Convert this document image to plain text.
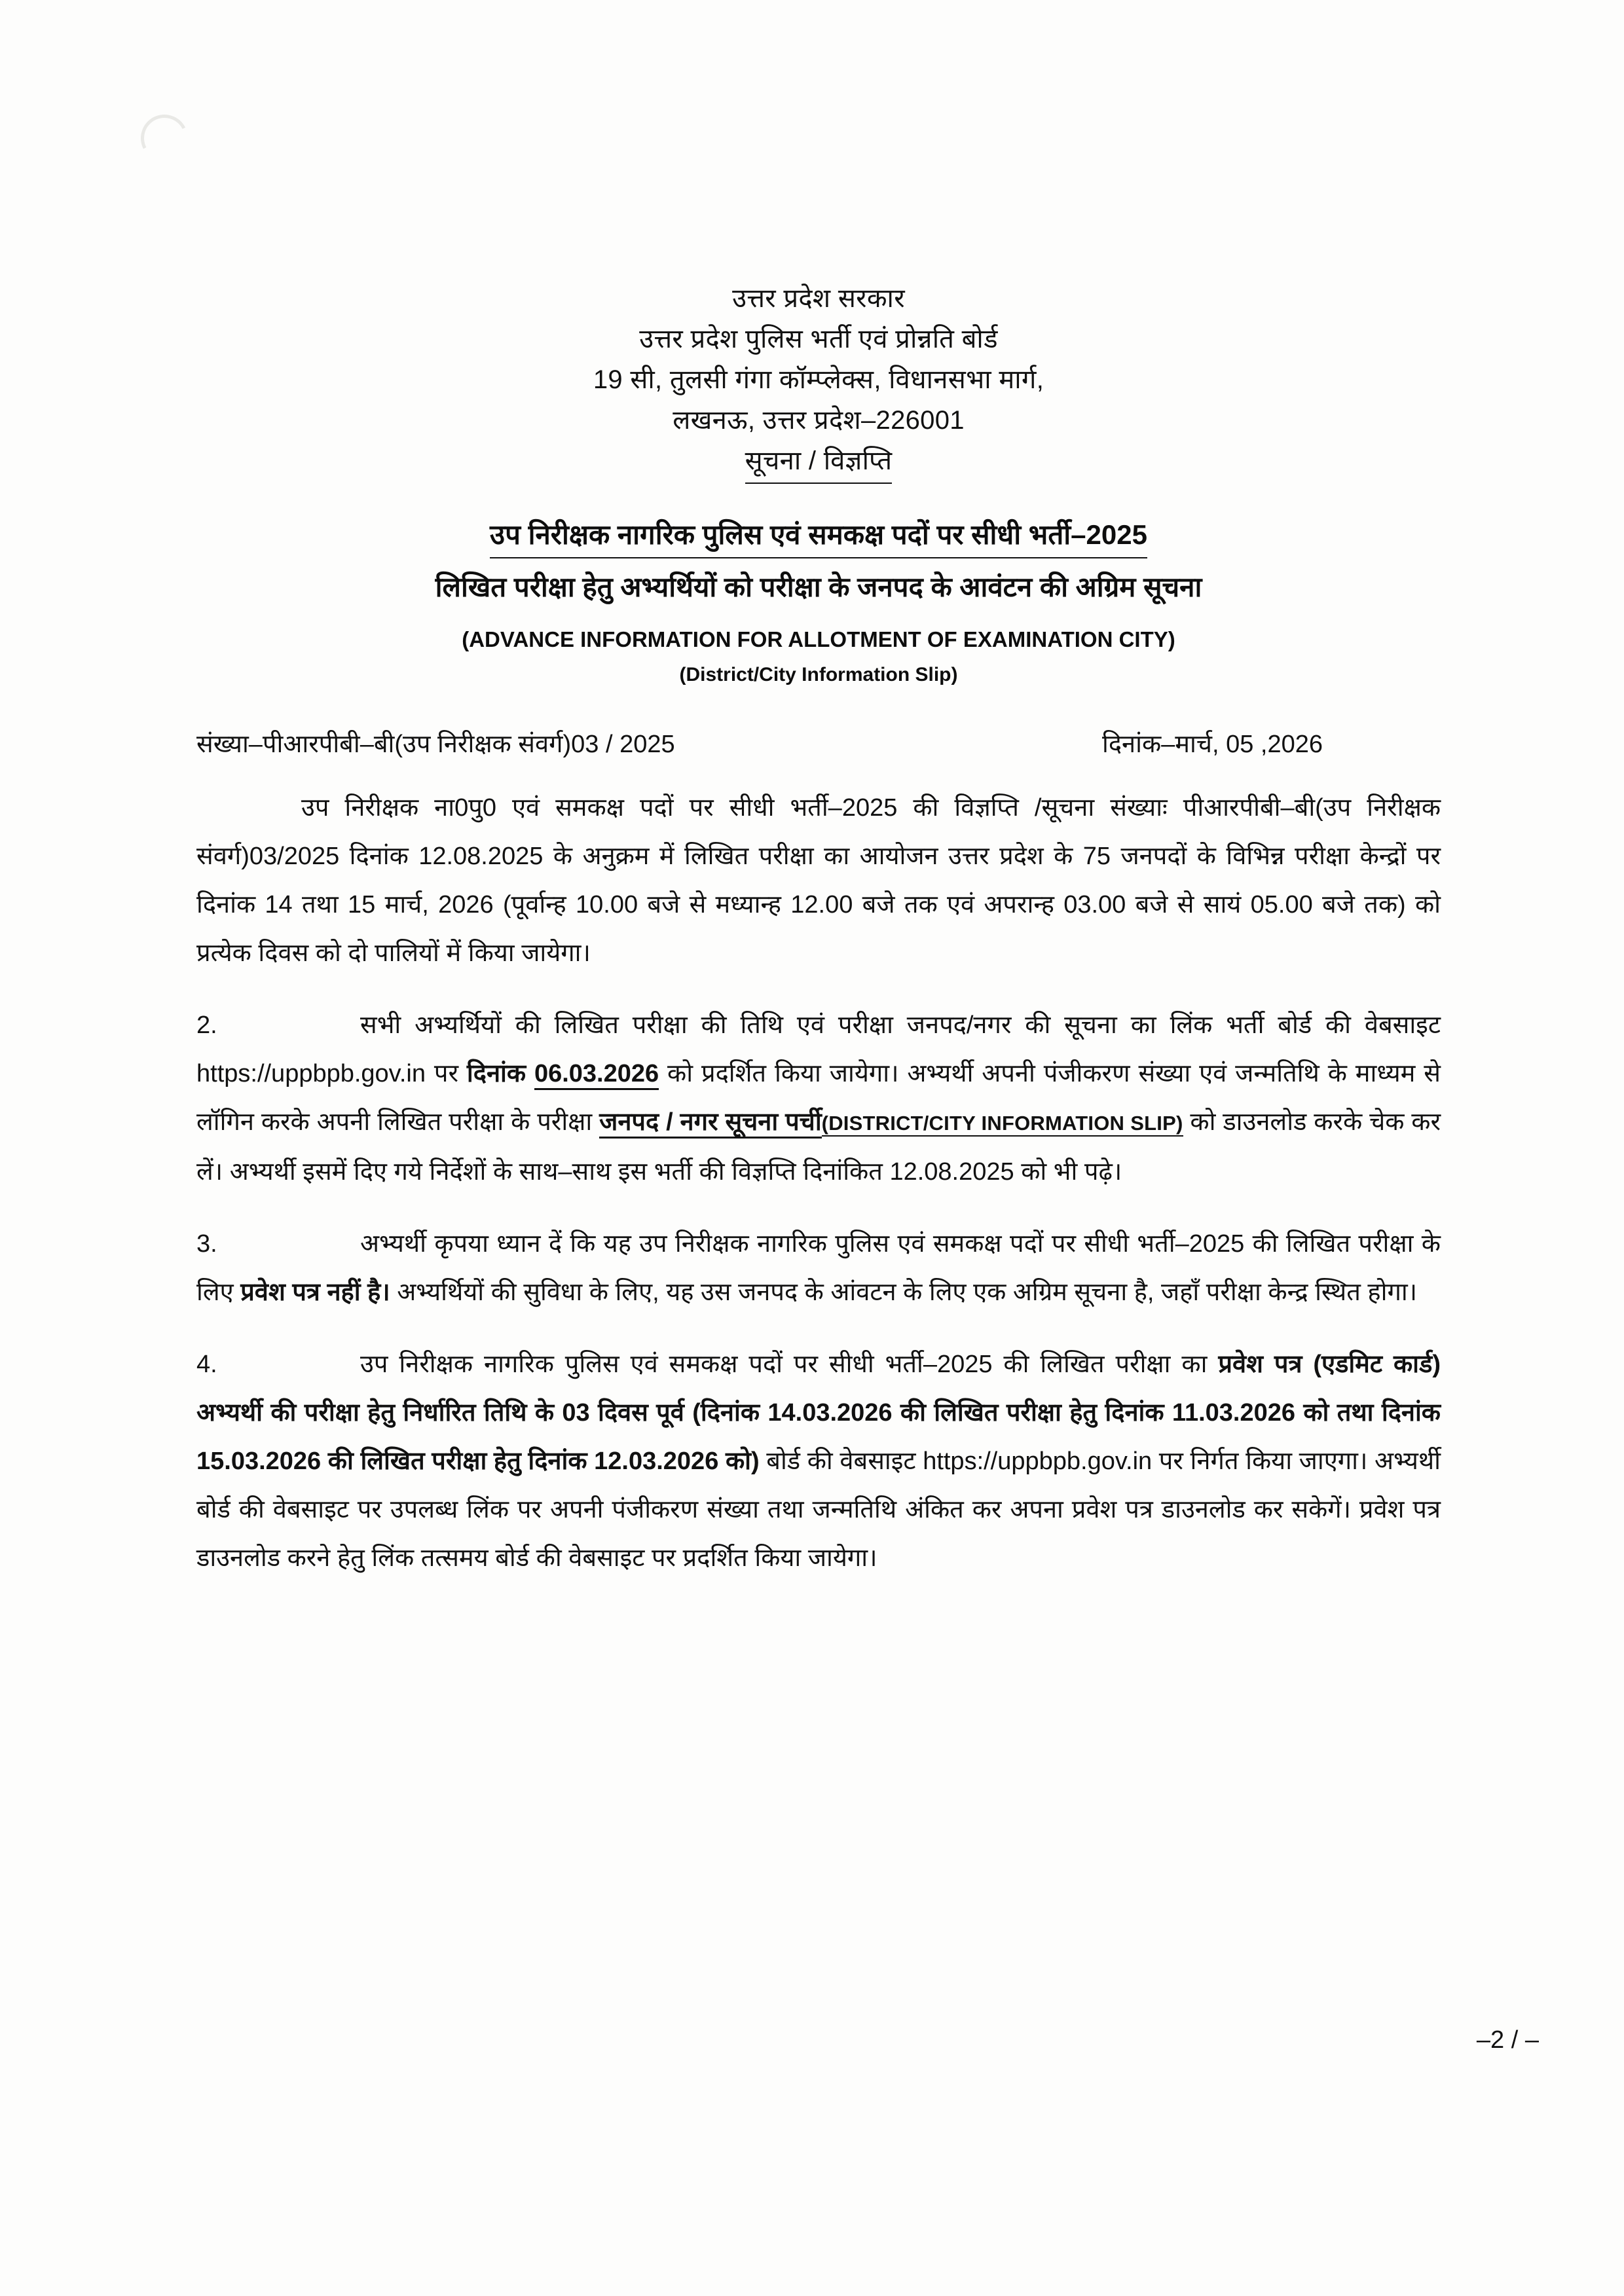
उत्तर प्रदेश सरकार
उत्तर प्रदेश पुलिस भर्ती एवं प्रोन्नति बोर्ड
19 सी, तुलसी गंगा कॉम्प्लेक्स, विधानसभा मार्ग,
लखनऊ, उत्तर प्रदेश–226001
सूचना / विज्ञप्ति
उप निरीक्षक नागरिक पुलिस एवं समकक्ष पदों पर सीधी भर्ती–2025
लिखित परीक्षा हेतु अभ्यर्थियों को परीक्षा के जनपद के आवंटन की अग्रिम सूचना
(ADVANCE INFORMATION FOR ALLOTMENT OF EXAMINATION CITY)
(District/City Information Slip)
संख्या–पीआरपीबी–बी(उप निरीक्षक संवर्ग)03 / 2025	दिनांक–मार्च, 05 ,2026
उप निरीक्षक ना0पु0 एवं समकक्ष पदों पर सीधी भर्ती–2025 की विज्ञप्ति /सूचना संख्याः पीआरपीबी–बी(उप निरीक्षक संवर्ग)03/2025 दिनांक 12.08.2025 के अनुक्रम में लिखित परीक्षा का आयोजन उत्तर प्रदेश के 75 जनपदों के विभिन्न परीक्षा केन्द्रों पर दिनांक 14 तथा 15 मार्च, 2026 (पूर्वान्ह 10.00 बजे से मध्यान्ह 12.00 बजे तक एवं अपरान्ह 03.00 बजे से सायं 05.00 बजे तक) को प्रत्येक दिवस को दो पालियों में किया जायेगा।
2.	सभी अभ्यर्थियों की लिखित परीक्षा की तिथि एवं परीक्षा जनपद/नगर की सूचना का लिंक भर्ती बोर्ड की वेबसाइट https://uppbpb.gov.in पर दिनांक 06.03.2026 को प्रदर्शित किया जायेगा। अभ्यर्थी अपनी पंजीकरण संख्या एवं जन्मतिथि के माध्यम से लॉगिन करके अपनी लिखित परीक्षा के परीक्षा जनपद / नगर सूचना पर्ची(DISTRICT/CITY INFORMATION SLIP) को डाउनलोड करके चेक कर लें। अभ्यर्थी इसमें दिए गये निर्देशों के साथ–साथ इस भर्ती की विज्ञप्ति दिनांकित 12.08.2025 को भी पढ़े।
3.	अभ्यर्थी कृपया ध्यान दें कि यह उप निरीक्षक नागरिक पुलिस एवं समकक्ष पदों पर सीधी भर्ती–2025 की लिखित परीक्षा के लिए प्रवेश पत्र नहीं है। अभ्यर्थियों की सुविधा के लिए, यह उस जनपद के आंवटन के लिए एक अग्रिम सूचना है, जहाँ परीक्षा केन्द्र स्थित होगा।
4.	उप निरीक्षक नागरिक पुलिस एवं समकक्ष पदों पर सीधी भर्ती–2025 की लिखित परीक्षा का प्रवेश पत्र (एडमिट कार्ड) अभ्यर्थी की परीक्षा हेतु निर्धारित तिथि के 03 दिवस पूर्व (दिनांक 14.03.2026 की लिखित परीक्षा हेतु दिनांक 11.03.2026 को तथा दिनांक 15.03.2026 की लिखित परीक्षा हेतु दिनांक 12.03.2026 को) बोर्ड की वेबसाइट https://uppbpb.gov.in पर निर्गत किया जाएगा। अभ्यर्थी बोर्ड की वेबसाइट पर उपलब्ध लिंक पर अपनी पंजीकरण संख्या तथा जन्मतिथि अंकित कर अपना प्रवेश पत्र डाउनलोड कर सकेगें। प्रवेश पत्र डाउनलोड करने हेतु लिंक तत्समय बोर्ड की वेबसाइट पर प्रदर्शित किया जायेगा।
–2 / –
